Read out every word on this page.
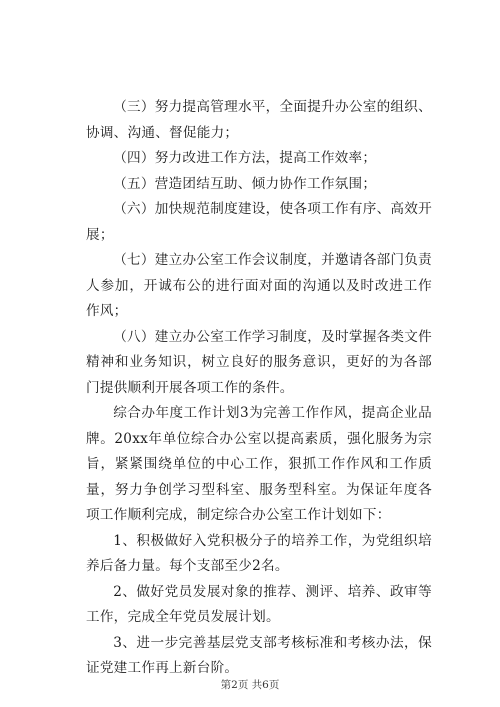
（三）努力提高管理水平，全面提升办公室的组织、协调、沟通、督促能力；

（四）努力改进工作方法，提高工作效率；

（五）营造团结互助、倾力协作工作氛围；

（六）加快规范制度建设，使各项工作有序、高效开展；

（七）建立办公室工作会议制度，并邀请各部门负责人参加，开诚布公的进行面对面的沟通以及时改进工作作风；

（八）建立办公室工作学习制度，及时掌握各类文件精神和业务知识，树立良好的服务意识，更好的为各部门提供顺利开展各项工作的条件。

综合办年度工作计划3为完善工作作风，提高企业品牌。20xx年单位综合办公室以提高素质，强化服务为宗旨，紧紧围绕单位的中心工作，狠抓工作作风和工作质量，努力争创学习型科室、服务型科室。为保证年度各项工作顺利完成，制定综合办公室工作计划如下：

1、积极做好入党积极分子的培养工作，为党组织培养后备力量。每个支部至少2名。

2、做好党员发展对象的推荐、测评、培养、政审等工作，完成全年党员发展计划。

3、进一步完善基层党支部考核标准和考核办法，保证党建工作再上新台阶。

第2页 共6页
